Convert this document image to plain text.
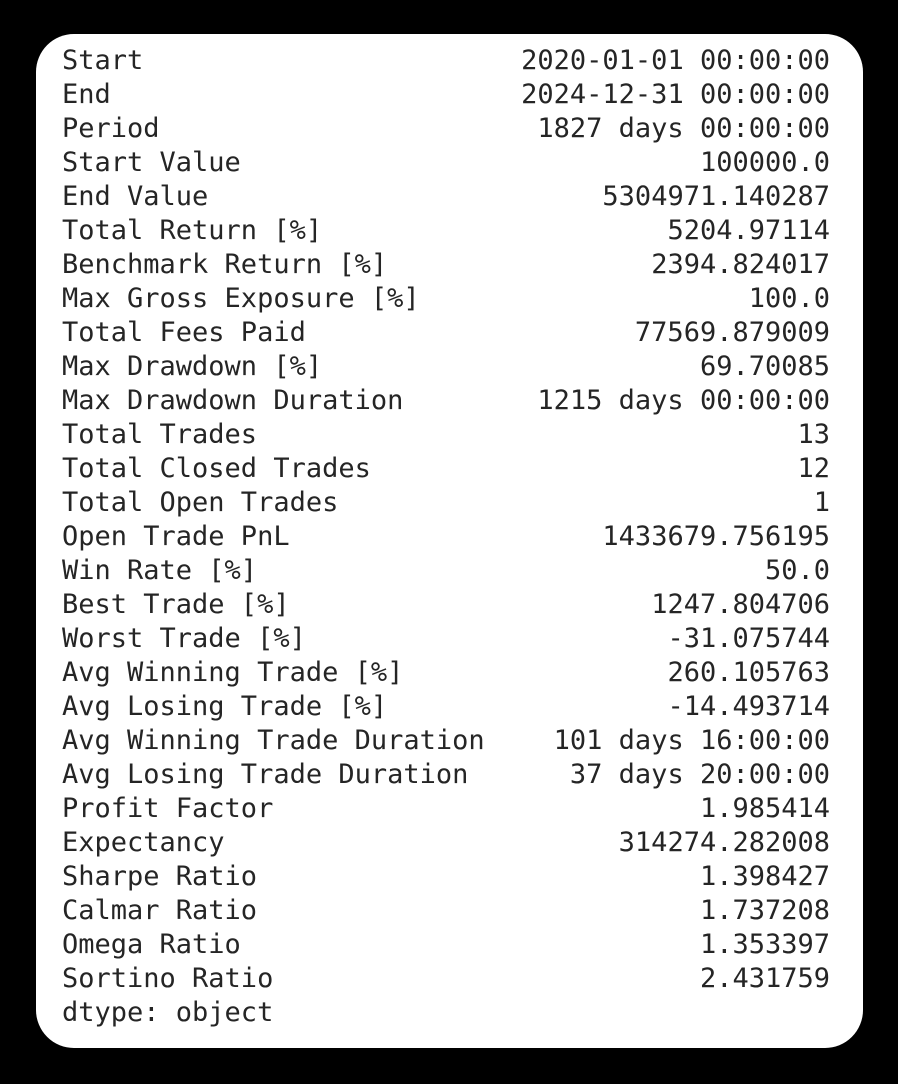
Start	2020-01-01 00:00:00
End	2024-12-31 00:00:00
Period	1827 days 00:00:00
Start Value	100000.0
End Value	5304971.140287
Total Return [%]	5204.97114
Benchmark Return [%]	2394.824017
Max Gross Exposure [%]	100.0
Total Fees Paid	77569.879009
Max Drawdown [%]	69.70085
Max Drawdown Duration	1215 days 00:00:00
Total Trades	13
Total Closed Trades	12
Total Open Trades	1
Open Trade PnL	1433679.756195
Win Rate [%]	50.0
Best Trade [%]	1247.804706
Worst Trade [%]	-31.075744
Avg Winning Trade [%]	260.105763
Avg Losing Trade [%]	-14.493714
Avg Winning Trade Duration	101 days 16:00:00
Avg Losing Trade Duration	37 days 20:00:00
Profit Factor	1.985414
Expectancy	314274.282008
Sharpe Ratio	1.398427
Calmar Ratio	1.737208
Omega Ratio	1.353397
Sortino Ratio	2.431759
dtype: object
